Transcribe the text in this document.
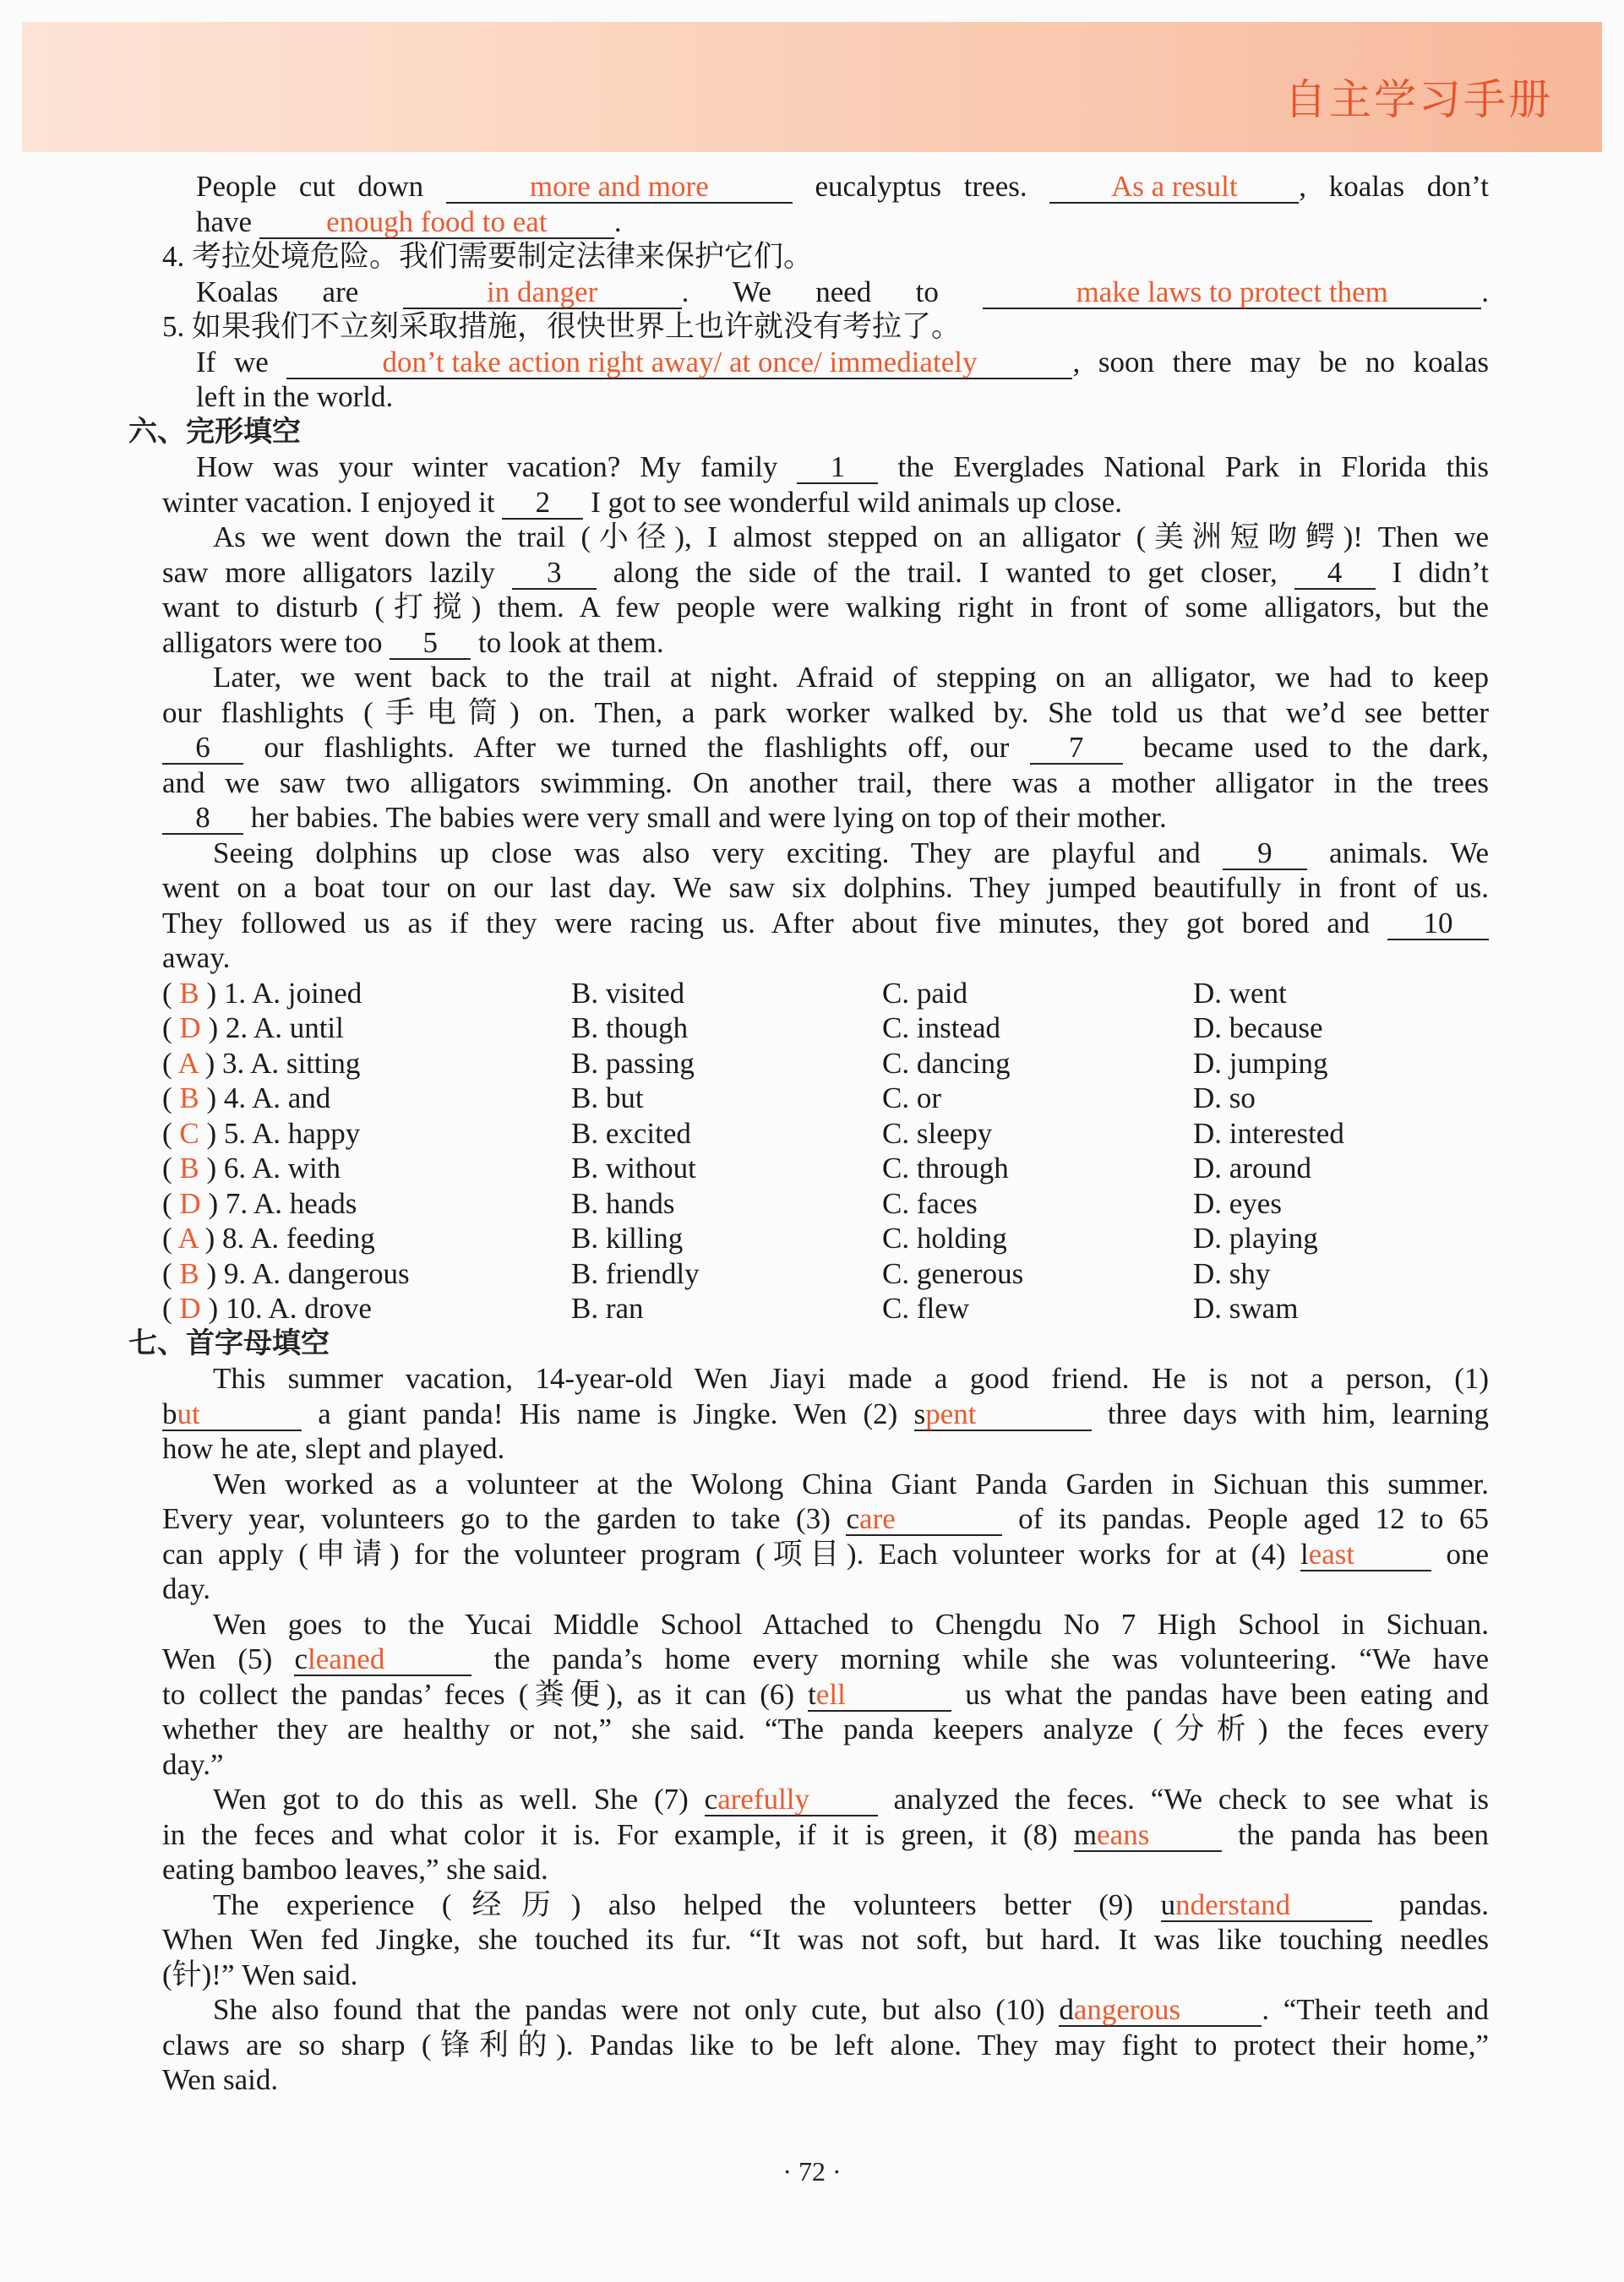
自主学习手册
People cut down	more and more	eucalyptus trees.	As a result , koalas don’t
have	enough food to eat .
4. 考拉处境危险。我们需要制定法律来保护它们。
Koalas are	in danger	. We need to	make laws to protect them	.
5. 如果我们不立刻采取措施，很快世界上也许就没有考拉了。
If we	don’t take action right away/ at once/ immediately	, soon there may be no koalas
left in the world.
六、完形填空
How was your winter vacation? My family 1 the Everglades National Park in Florida this
winter vacation. I enjoyed it 2 I got to see wonderful wild animals up close.
As we went down the trail (小径), I almost stepped on an alligator (美洲短吻鳄)! Then we
saw more alligators lazily 3 along the side of the trail. I wanted to get closer, 4 I didn’t
want to disturb (打搅) them. A few people were walking right in front of some alligators, but the
alligators were too 5 to look at them.
Later, we went back to the trail at night. Afraid of stepping on an alligator, we had to keep
our flashlights (手电筒) on. Then, a park worker walked by. She told us that we’d see better
6 our flashlights. After we turned the flashlights off, our 7 became used to the dark,
and we saw two alligators swimming. On another trail, there was a mother alligator in the trees
8 her babies. The babies were very small and were lying on top of their mother.
Seeing dolphins up close was also very exciting. They are playful and 9 animals. We
went on a boat tour on our last day. We saw six dolphins. They jumped beautifully in front of us.
They followed us as if they were racing us. After about five minutes, they got bored and 10
away.
( B ) 1. A. joined	B. visited	C. paid	D. went
( D ) 2. A. until	B. though	C. instead	D. because
( A ) 3. A. sitting	B. passing	C. dancing	D. jumping
( B ) 4. A. and	B. but	C. or	D. so
( C ) 5. A. happy	B. excited	C. sleepy	D. interested
( B ) 6. A. with	B. without	C. through	D. around
( D ) 7. A. heads	B. hands	C. faces	D. eyes
( A ) 8. A. feeding	B. killing	C. holding	D. playing
( B ) 9. A. dangerous	B. friendly	C. generous	D. shy
( D ) 10. A. drove	B. ran	C. flew	D. swam
七、首字母填空
This summer vacation, 14-year-old Wen Jiayi made a good friend. He is not a person, (1)
but	a giant panda! His name is Jingke. Wen (2) spent	three days with him, learning
how he ate, slept and played.
Wen worked as a volunteer at the Wolong China Giant Panda Garden in Sichuan this summer.
Every year, volunteers go to the garden to take (3) care	of its pandas. People aged 12 to 65
can apply (申请) for the volunteer program (项目). Each volunteer works for at (4) least	one
day.
Wen goes to the Yucai Middle School Attached to Chengdu No 7 High School in Sichuan.
Wen (5) cleaned	the panda’s home every morning while she was volunteering. “We have
to collect the pandas’ feces (粪便), as it can (6) tell	us what the pandas have been eating and
whether they are healthy or not,” she said. “The panda keepers analyze (分析) the feces every
day.”
Wen got to do this as well. She (7) carefully	analyzed the feces. “We check to see what is
in the feces and what color it is. For example, if it is green, it (8) means	the panda has been
eating bamboo leaves,” she said.
The experience (经历) also helped the volunteers better (9) understand	pandas.
When Wen fed Jingke, she touched its fur. “It was not soft, but hard. It was like touching needles
(针)!” Wen said.
She also found that the pandas were not only cute, but also (10) dangerous	. “Their teeth and
claws are so sharp (锋利的). Pandas like to be left alone. They may fight to protect their home,”
Wen said.
· 72 ·
